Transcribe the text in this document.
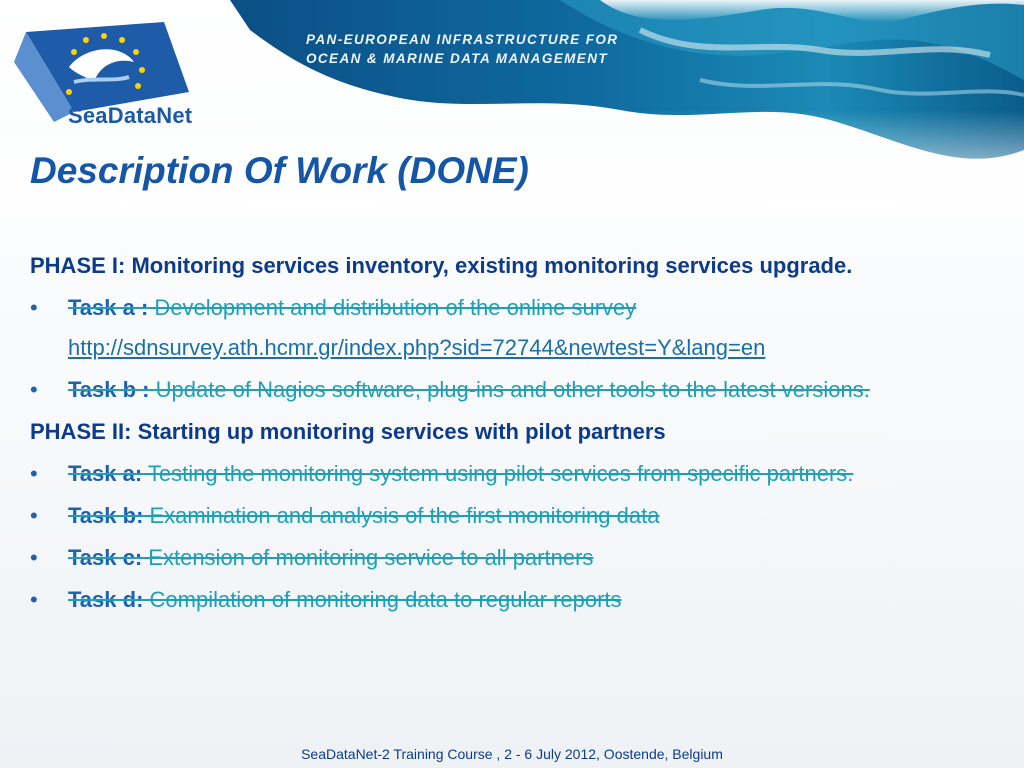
SeaDataNet

PAN-EUROPEAN INFRASTRUCTURE FOR OCEAN & MARINE DATA MANAGEMENT

Description Of Work (DONE)

PHASE I: Monitoring services inventory, existing monitoring services upgrade.

• Task a : Development and distribution of the online survey
http://sdnsurvey.ath.hcmr.gr/index.php?sid=72744&newtest=Y&lang=en
• Task b : Update of Nagios software, plug-ins and other tools to the latest versions.

PHASE II: Starting up monitoring services with pilot partners

• Task a: Testing the monitoring system using pilot services from specific partners.
• Task b: Examination and analysis of the first monitoring data
• Task c: Extension of monitoring service to all partners
• Task d: Compilation of monitoring data to regular reports
SeaDataNet-2 Training Course , 2 - 6 July 2012, Oostende, Belgium
